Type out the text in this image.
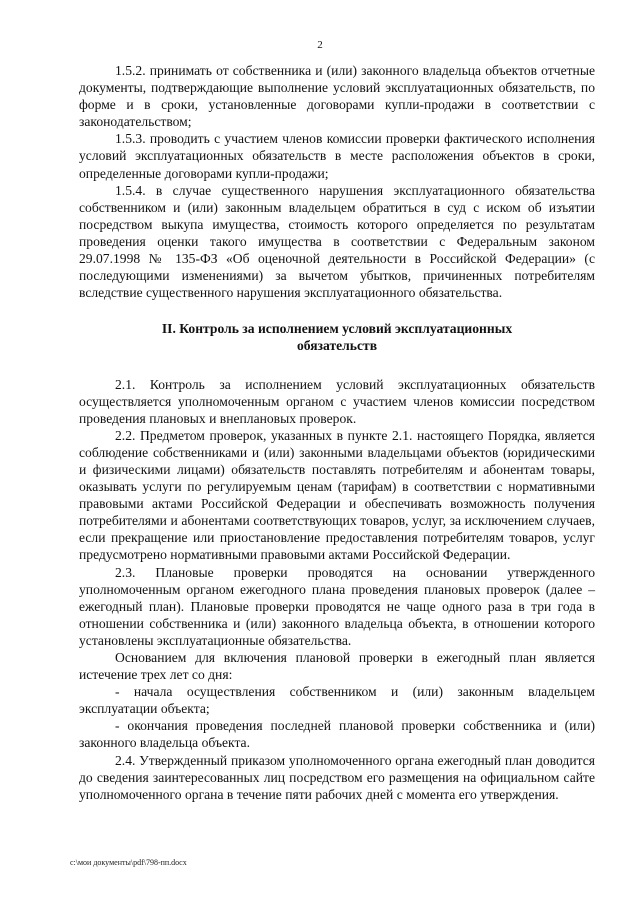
2

1.5.2. принимать от собственника и (или) законного владельца объектов отчетные документы, подтверждающие выполнение условий эксплуатационных обязательств, по форме и в сроки, установленные договорами купли-продажи в соответствии с законодательством;

1.5.3. проводить с участием членов комиссии проверки фактического исполнения условий эксплуатационных обязательств в месте расположения объектов в сроки, определенные договорами купли-продажи;

1.5.4. в случае существенного нарушения эксплуатационного обязательства собственником и (или) законным владельцем обратиться в суд с иском об изъятии посредством выкупа имущества, стоимость которого определяется по результатам проведения оценки такого имущества в соответствии с Федеральным законом 29.07.1998 № 135-ФЗ «Об оценочной деятельности в Российской Федерации» (с последующими изменениями) за вычетом убытков, причиненных потребителям вследствие существенного нарушения эксплуатационного обязательства.

II. Контроль за исполнением условий эксплуатационных
обязательств

2.1. Контроль за исполнением условий эксплуатационных обязательств осуществляется уполномоченным органом с участием членов комиссии посредством проведения плановых и внеплановых проверок.

2.2. Предметом проверок, указанных в пункте 2.1. настоящего Порядка, является соблюдение собственниками и (или) законными владельцами объектов (юридическими и физическими лицами) обязательств поставлять потребителям и абонентам товары, оказывать услуги по регулируемым ценам (тарифам) в соответствии с нормативными правовыми актами Российской Федерации и обеспечивать возможность получения потребителями и абонентами соответствующих товаров, услуг, за исключением случаев, если прекращение или приостановление предоставления потребителям товаров, услуг предусмотрено нормативными правовыми актами Российской Федерации.

2.3. Плановые проверки проводятся на основании утвержденного уполномоченным органом ежегодного плана проведения плановых проверок (далее – ежегодный план). Плановые проверки проводятся не чаще одного раза в три года в отношении собственника и (или) законного владельца объекта, в отношении которого установлены эксплуатационные обязательства.

Основанием для включения плановой проверки в ежегодный план является истечение трех лет со дня:

- начала осуществления собственником и (или) законным владельцем эксплуатации объекта;

- окончания проведения последней плановой проверки собственника и (или) законного владельца объекта.

2.4. Утвержденный приказом уполномоченного органа ежегодный план доводится до сведения заинтересованных лиц посредством его размещения на официальном сайте уполномоченного органа в течение пяти рабочих дней с момента его утверждения.

c:\мои документы\pdf\798-пп.docx
